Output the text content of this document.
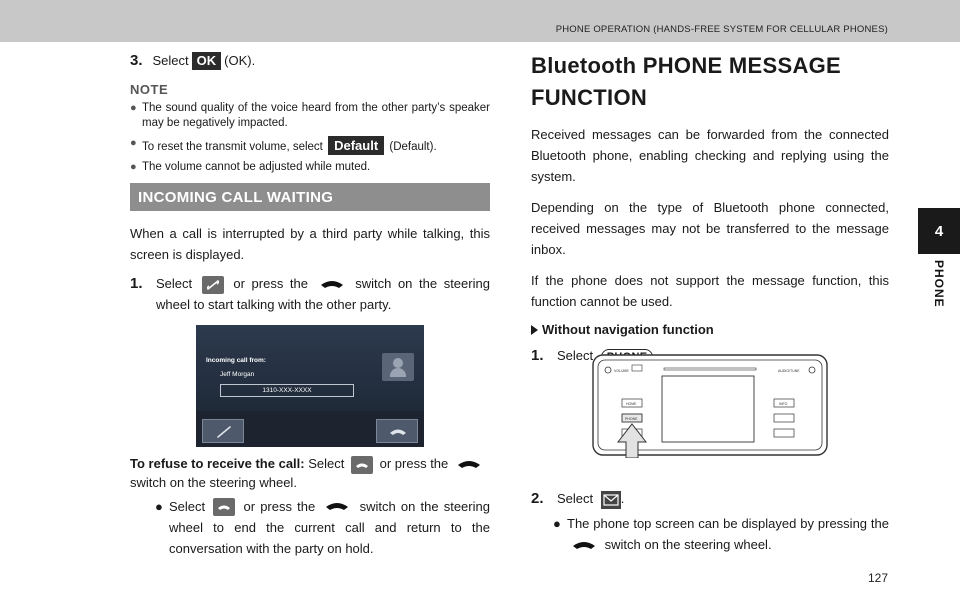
PHONE OPERATION (HANDS-FREE SYSTEM FOR CELLULAR PHONES)
4
PHONE
3. Select OK (OK).
NOTE
● The sound quality of the voice heard from the other party’s speaker may be negatively impacted.
● To reset the transmit volume, select Default (Default).
● The volume cannot be adjusted while muted.
INCOMING CALL WAITING
When a call is interrupted by a third party while talking, this screen is displayed.
1.	Select	or press the	switch on the steering wheel to start talking with the other party.
Incoming call from:
Jeff Morgan
1310-XXX-XXXX
To refuse to receive the call: Select	or press the  switch on the steering wheel.
● Select	or press the	switch on the steering wheel to end the current call and return to the conversation with the party on hold.
Bluetooth PHONE MESSAGE
FUNCTION
Received messages can be forwarded from the connected Bluetooth phone, enabling checking and replying using the system.
Depending on the type of Bluetooth phone connected, received messages may not be transferred to the message inbox.
If the phone does not support the message function, this function cannot be used.
Without navigation function
1.	Select
VOLUME	AUDIO/TUNE
HOME
PHONE
INFO
2.	Select .
● The phone top screen can be displayed by pressing the  switch on the steering wheel.
127
